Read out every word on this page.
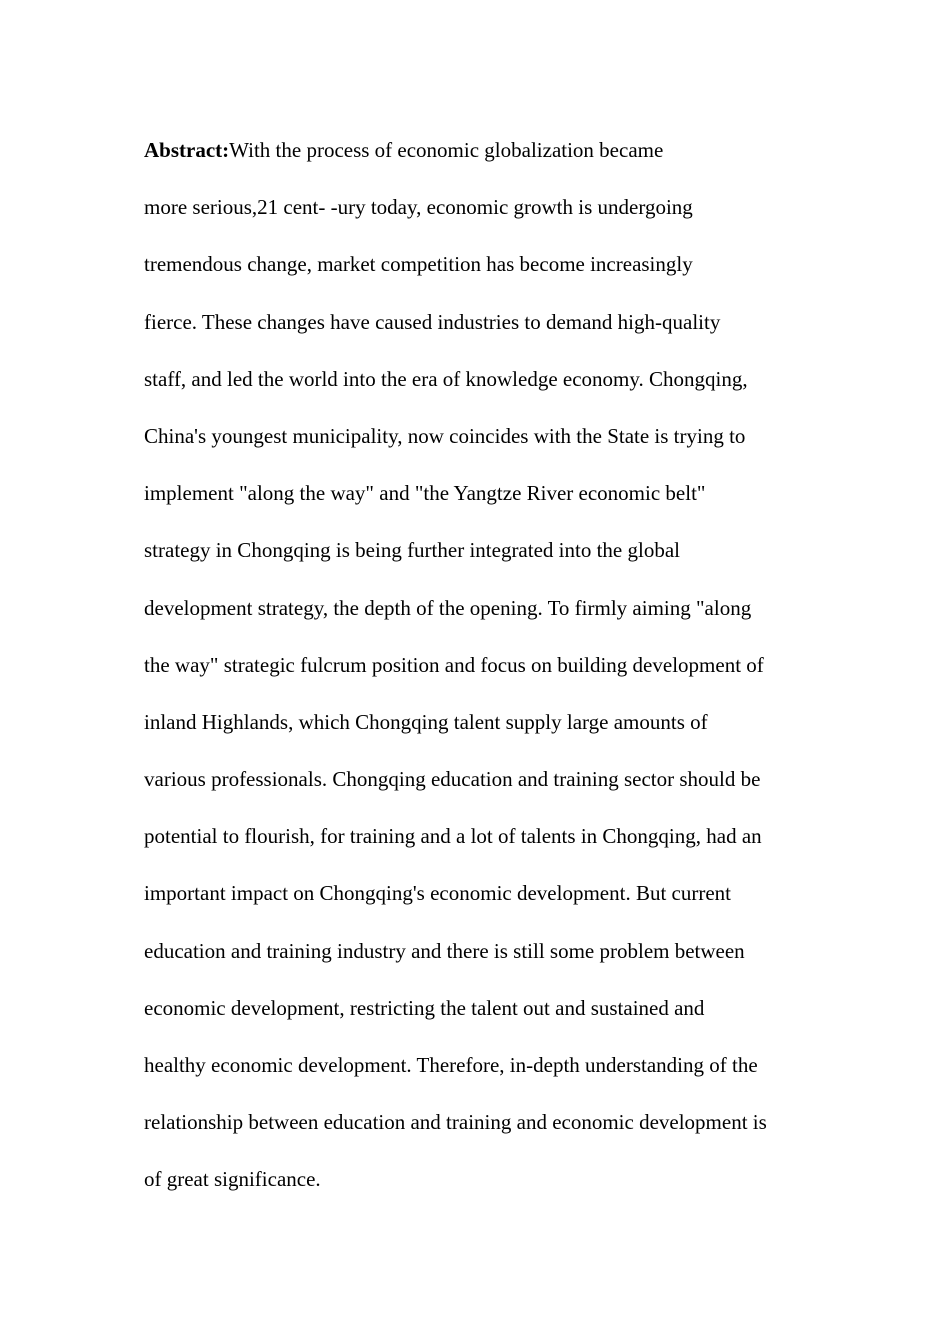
Abstract:With the process of economic globalization became
more serious,21 cent- -ury today, economic growth is undergoing
tremendous change, market competition has become increasingly
fierce. These changes have caused industries to demand high-quality
staff, and led the world into the era of knowledge economy. Chongqing,
China's youngest municipality, now coincides with the State is trying to
implement "along the way" and "the Yangtze River economic belt"
strategy in Chongqing is being further integrated into the global
development strategy, the depth of the opening. To firmly aiming "along
the way" strategic fulcrum position and focus on building development of
inland Highlands, which Chongqing talent supply large amounts of
various professionals. Chongqing education and training sector should be
potential to flourish, for training and a lot of talents in Chongqing, had an
important impact on Chongqing's economic development. But current
education and training industry and there is still some problem between
economic development, restricting the talent out and sustained and
healthy economic development. Therefore, in-depth understanding of the
relationship between education and training and economic development is
of great significance.
